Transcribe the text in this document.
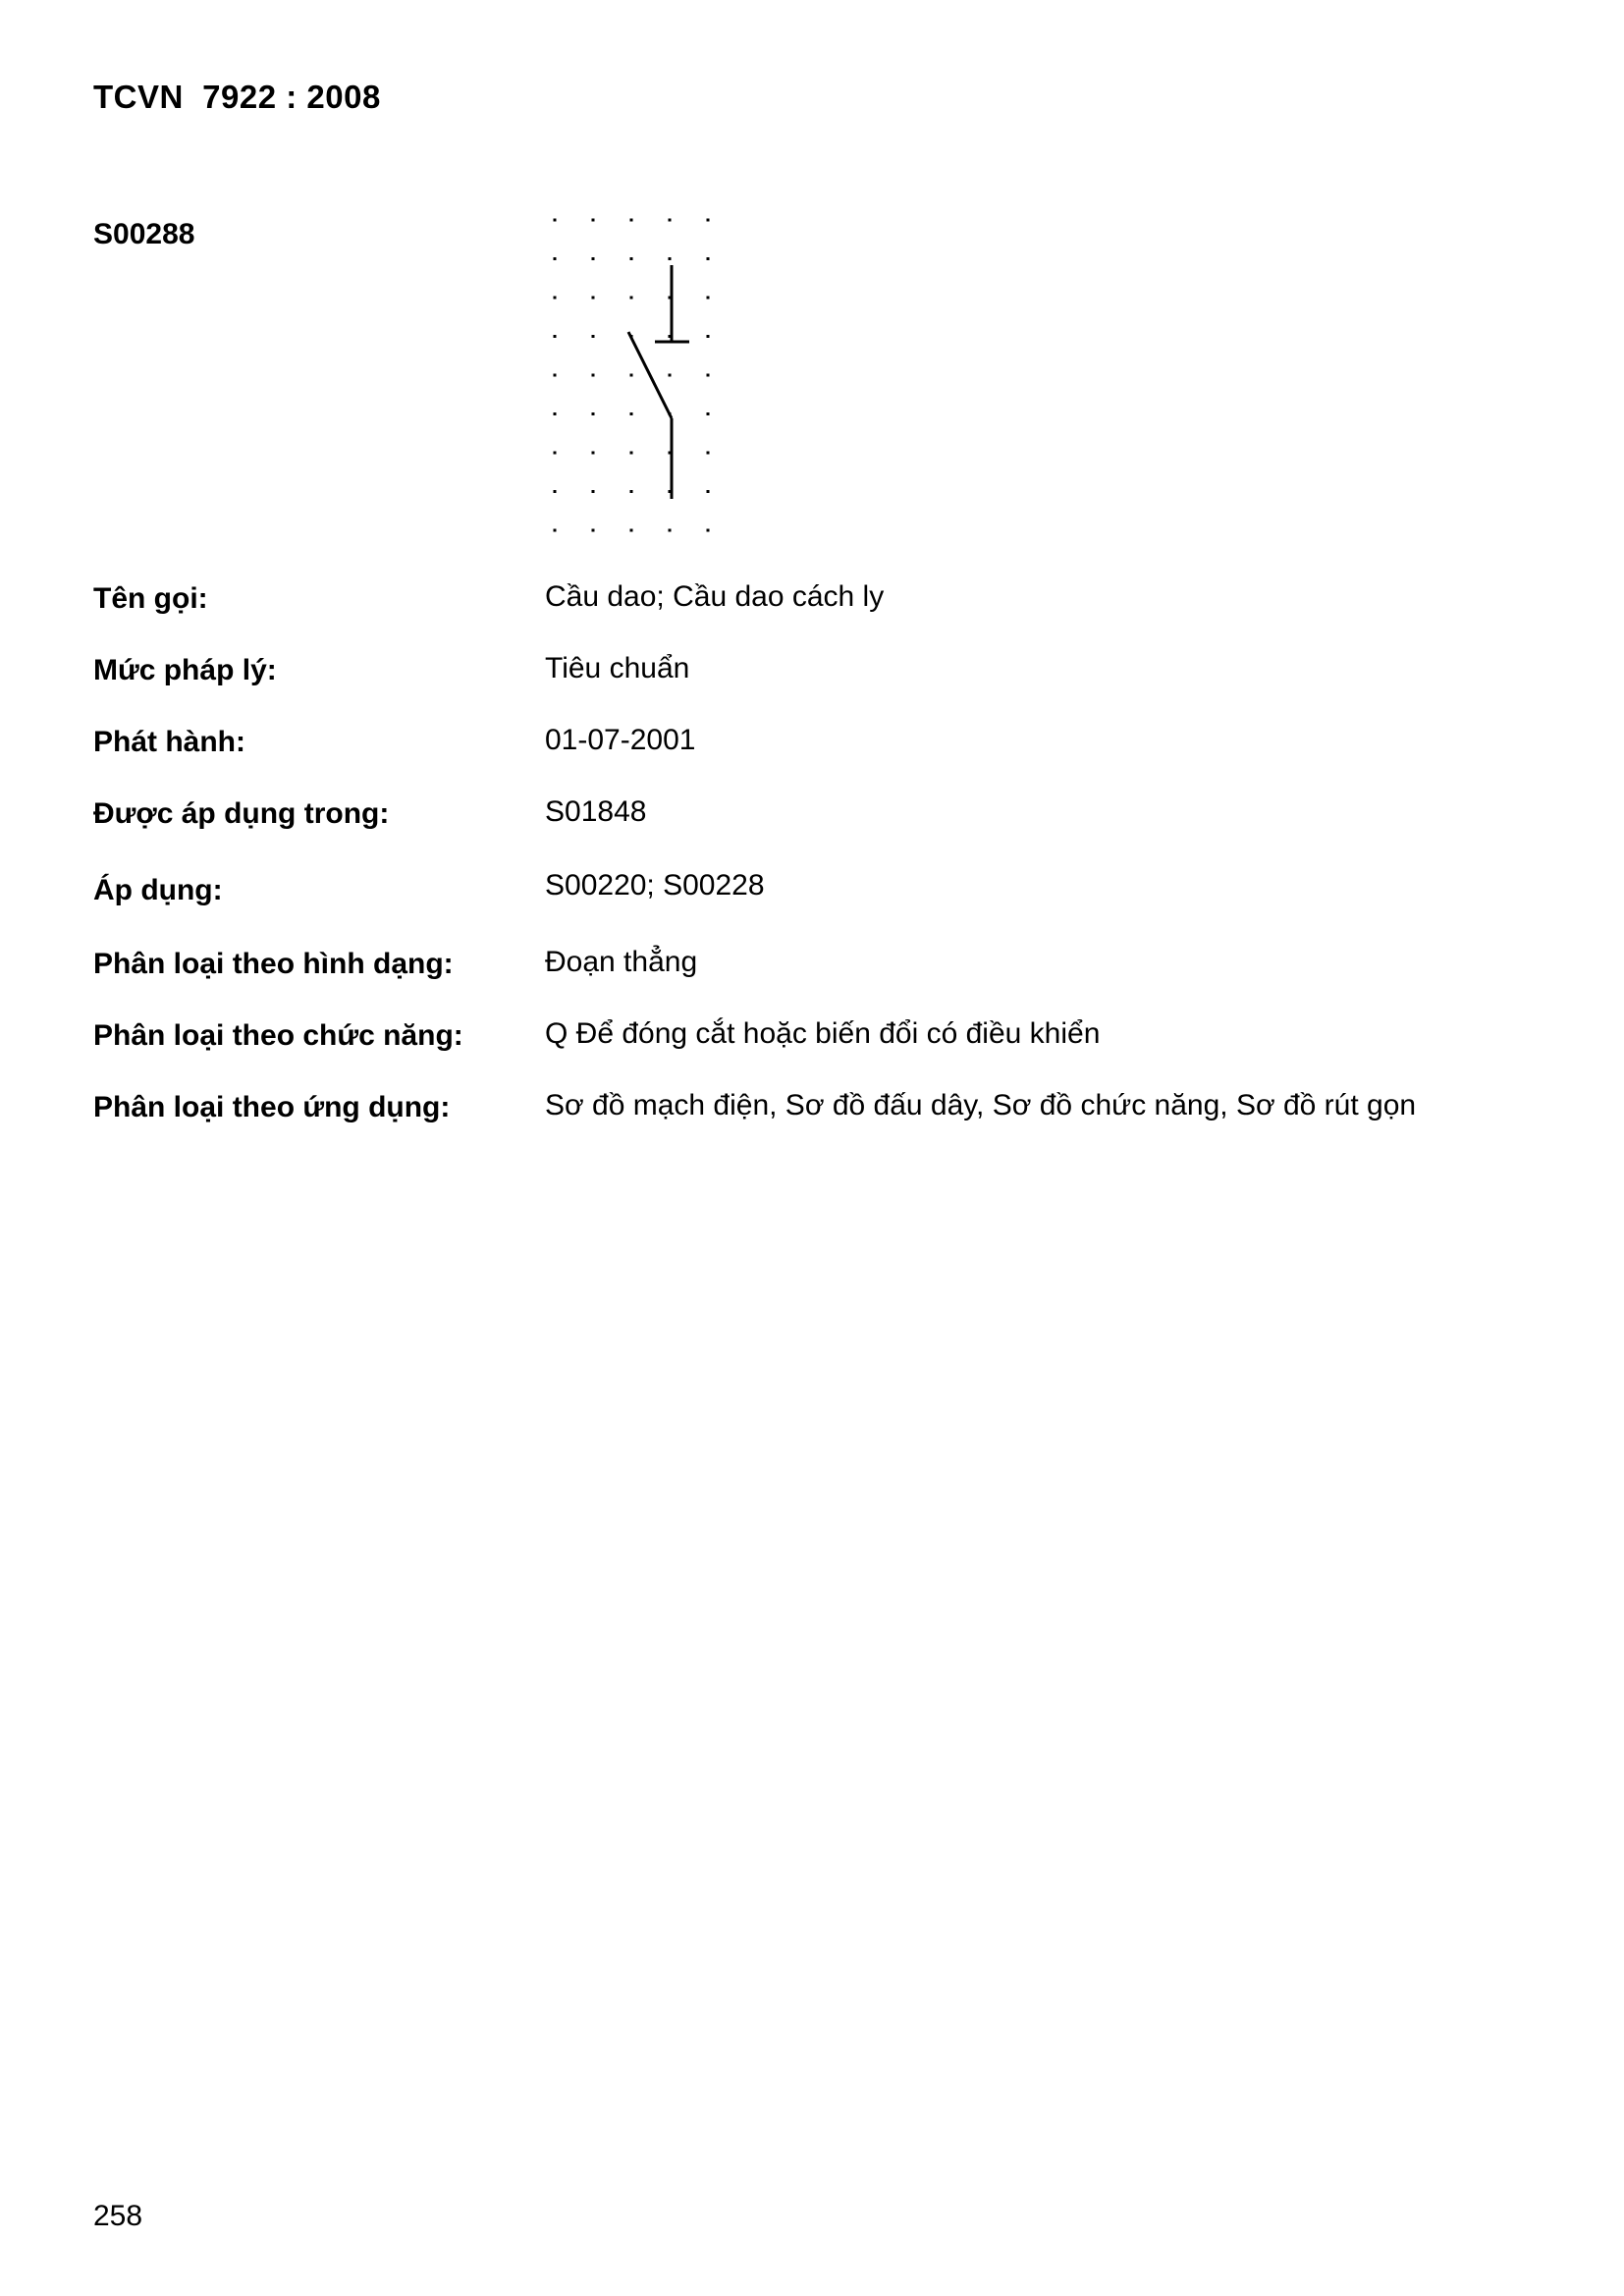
TCVN  7922 : 2008
S00288
Tên gọi:	Cầu dao; Cầu dao cách ly
Mức pháp lý:	Tiêu chuẩn
Phát hành:	01-07-2001
Được áp dụng trong:	S01848
Áp dụng:	S00220; S00228
Phân loại theo hình dạng:	Đoạn thẳng
Phân loại theo chức năng:	Q Để đóng cắt hoặc biến đổi có điều khiển
Phân loại theo ứng dụng:	Sơ đồ mạch điện, Sơ đồ đấu dây, Sơ đồ chức năng, Sơ đồ rút gọn
258
